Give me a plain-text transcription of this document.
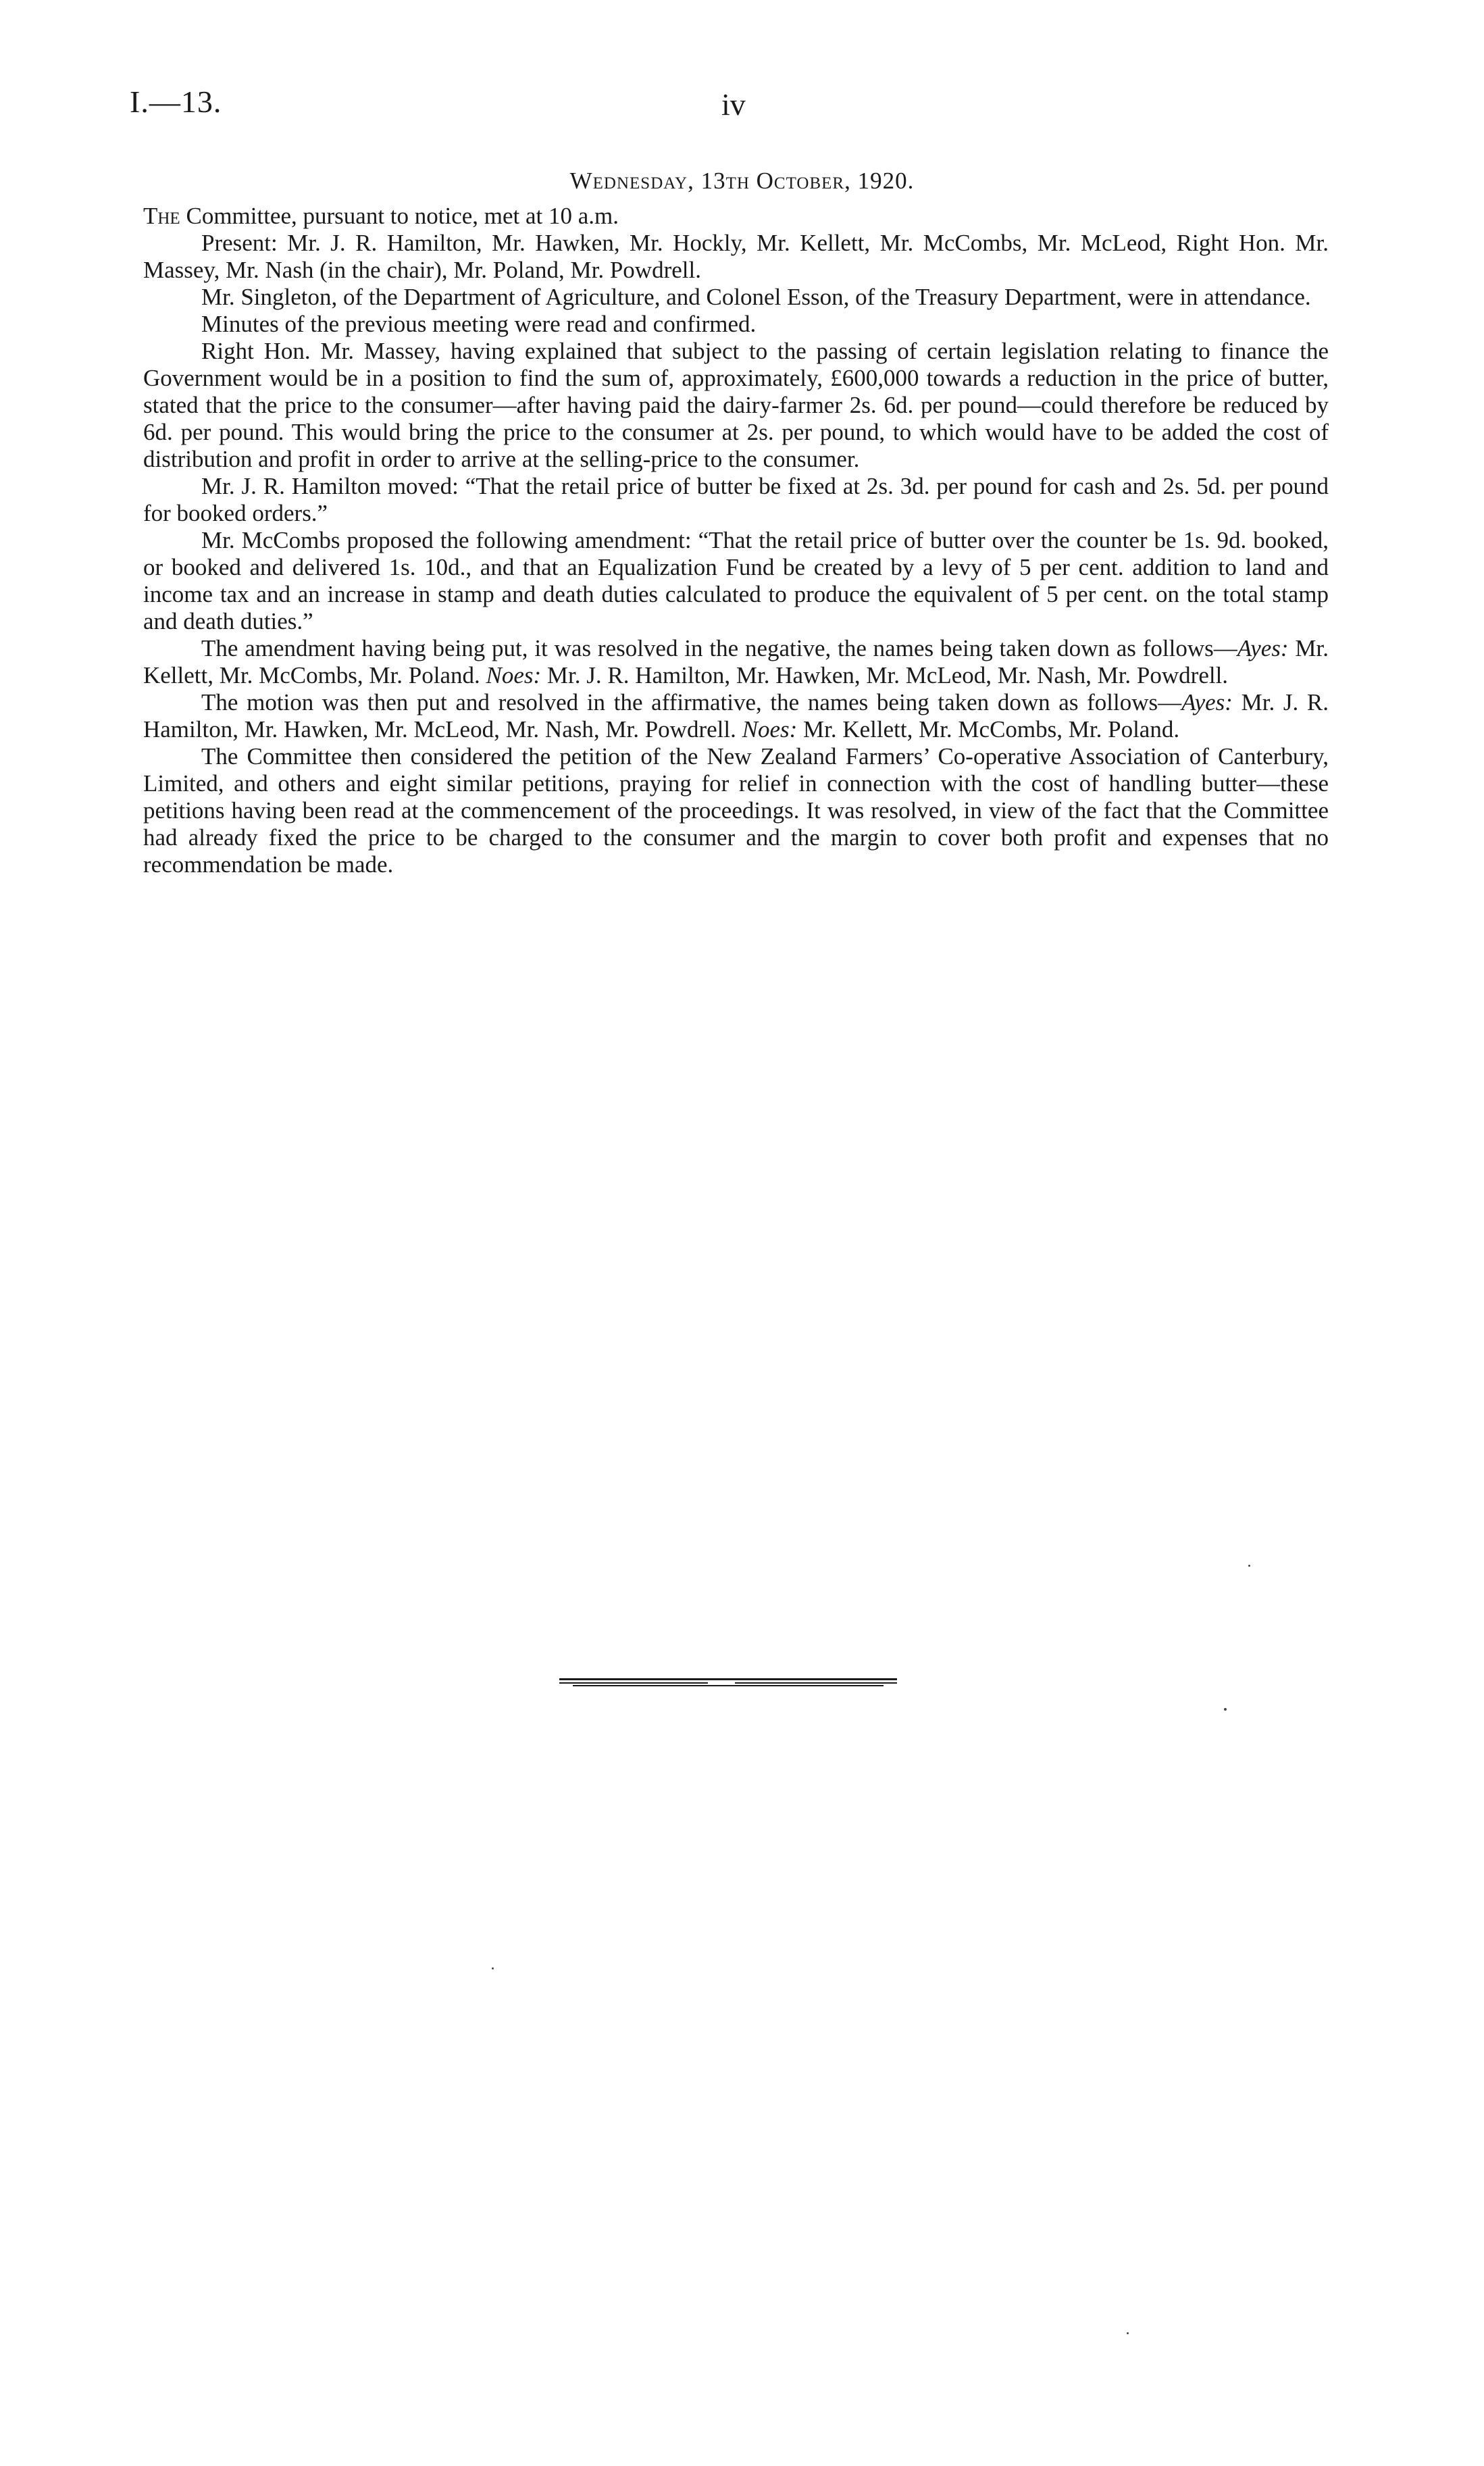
I.—13.	iv
Wednesday, 13th October, 1920.

The Committee, pursuant to notice, met at 10 a.m.

Present: Mr. J. R. Hamilton, Mr. Hawken, Mr. Hockly, Mr. Kellett, Mr. McCombs, Mr. McLeod, Right Hon. Mr. Massey, Mr. Nash (in the chair), Mr. Poland, Mr. Powdrell.

Mr. Singleton, of the Department of Agriculture, and Colonel Esson, of the Treasury Department, were in attendance.

Minutes of the previous meeting were read and confirmed.

Right Hon. Mr. Massey, having explained that subject to the passing of certain legislation relating to finance the Government would be in a position to find the sum of, approximately, £600,000 towards a reduction in the price of butter, stated that the price to the consumer—after having paid the dairy-farmer 2s. 6d. per pound—could therefore be reduced by 6d. per pound. This would bring the price to the consumer at 2s. per pound, to which would have to be added the cost of distribution and profit in order to arrive at the selling-price to the consumer.

Mr. J. R. Hamilton moved: “That the retail price of butter be fixed at 2s. 3d. per pound for cash and 2s. 5d. per pound for booked orders.”

Mr. McCombs proposed the following amendment: “That the retail price of butter over the counter be 1s. 9d. booked, or booked and delivered 1s. 10d., and that an Equalization Fund be created by a levy of 5 per cent. addition to land and income tax and an increase in stamp and death duties calculated to produce the equivalent of 5 per cent. on the total stamp and death duties.”

The amendment having being put, it was resolved in the negative, the names being taken down as follows—Ayes: Mr. Kellett, Mr. McCombs, Mr. Poland. Noes: Mr. J. R. Hamilton, Mr. Hawken, Mr. McLeod, Mr. Nash, Mr. Powdrell.

The motion was then put and resolved in the affirmative, the names being taken down as follows—Ayes: Mr. J. R. Hamilton, Mr. Hawken, Mr. McLeod, Mr. Nash, Mr. Powdrell. Noes: Mr. Kellett, Mr. McCombs, Mr. Poland.

The Committee then considered the petition of the New Zealand Farmers’ Co-operative Association of Canterbury, Limited, and others and eight similar petitions, praying for relief in connection with the cost of handling butter—these petitions having been read at the commencement of the proceedings. It was resolved, in view of the fact that the Committee had already fixed the price to be charged to the consumer and the margin to cover both profit and expenses that no recommendation be made.
